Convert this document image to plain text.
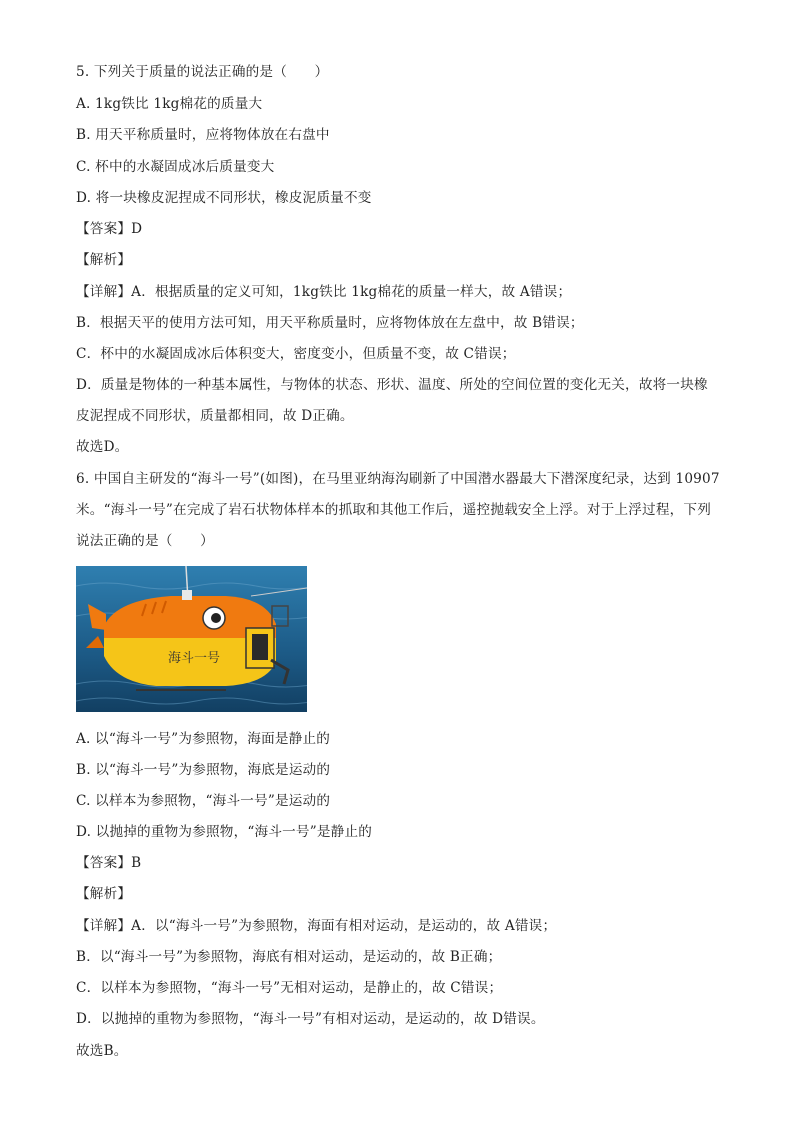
5. 下列关于质量的说法正确的是（　　）
A. 1kg铁比 1kg棉花的质量大
B. 用天平称质量时，应将物体放在右盘中
C. 杯中的水凝固成冰后质量变大
D. 将一块橡皮泥捏成不同形状，橡皮泥质量不变
【答案】D
【解析】
【详解】A．根据质量的定义可知，1kg铁比 1kg棉花的质量一样大，故 A错误；
B．根据天平的使用方法可知，用天平称质量时，应将物体放在左盘中，故 B错误；
C．杯中的水凝固成冰后体积变大，密度变小，但质量不变，故 C错误；
D．质量是物体的一种基本属性，与物体的状态、形状、温度、所处的空间位置的变化无关，故将一块橡
皮泥捏成不同形状，质量都相同，故 D正确。
故选D。
6. 中国自主研发的“海斗一号”(如图)，在马里亚纳海沟刷新了中国潜水器最大下潜深度纪录，达到 10907
米。“海斗一号”在完成了岩石状物体样本的抓取和其他工作后，遥控抛载安全上浮。对于上浮过程，下列
说法正确的是（　　）
海斗一号
A. 以“海斗一号”为参照物，海面是静止的
B. 以“海斗一号”为参照物，海底是运动的
C. 以样本为参照物，“海斗一号”是运动的
D. 以抛掉的重物为参照物，“海斗一号”是静止的
【答案】B
【解析】
【详解】A．以“海斗一号”为参照物，海面有相对运动，是运动的，故 A错误；
B．以“海斗一号”为参照物，海底有相对运动，是运动的，故 B正确；
C．以样本为参照物，“海斗一号”无相对运动，是静止的，故 C错误；
D．以抛掉的重物为参照物，“海斗一号”有相对运动，是运动的，故 D错误。
故选B。
